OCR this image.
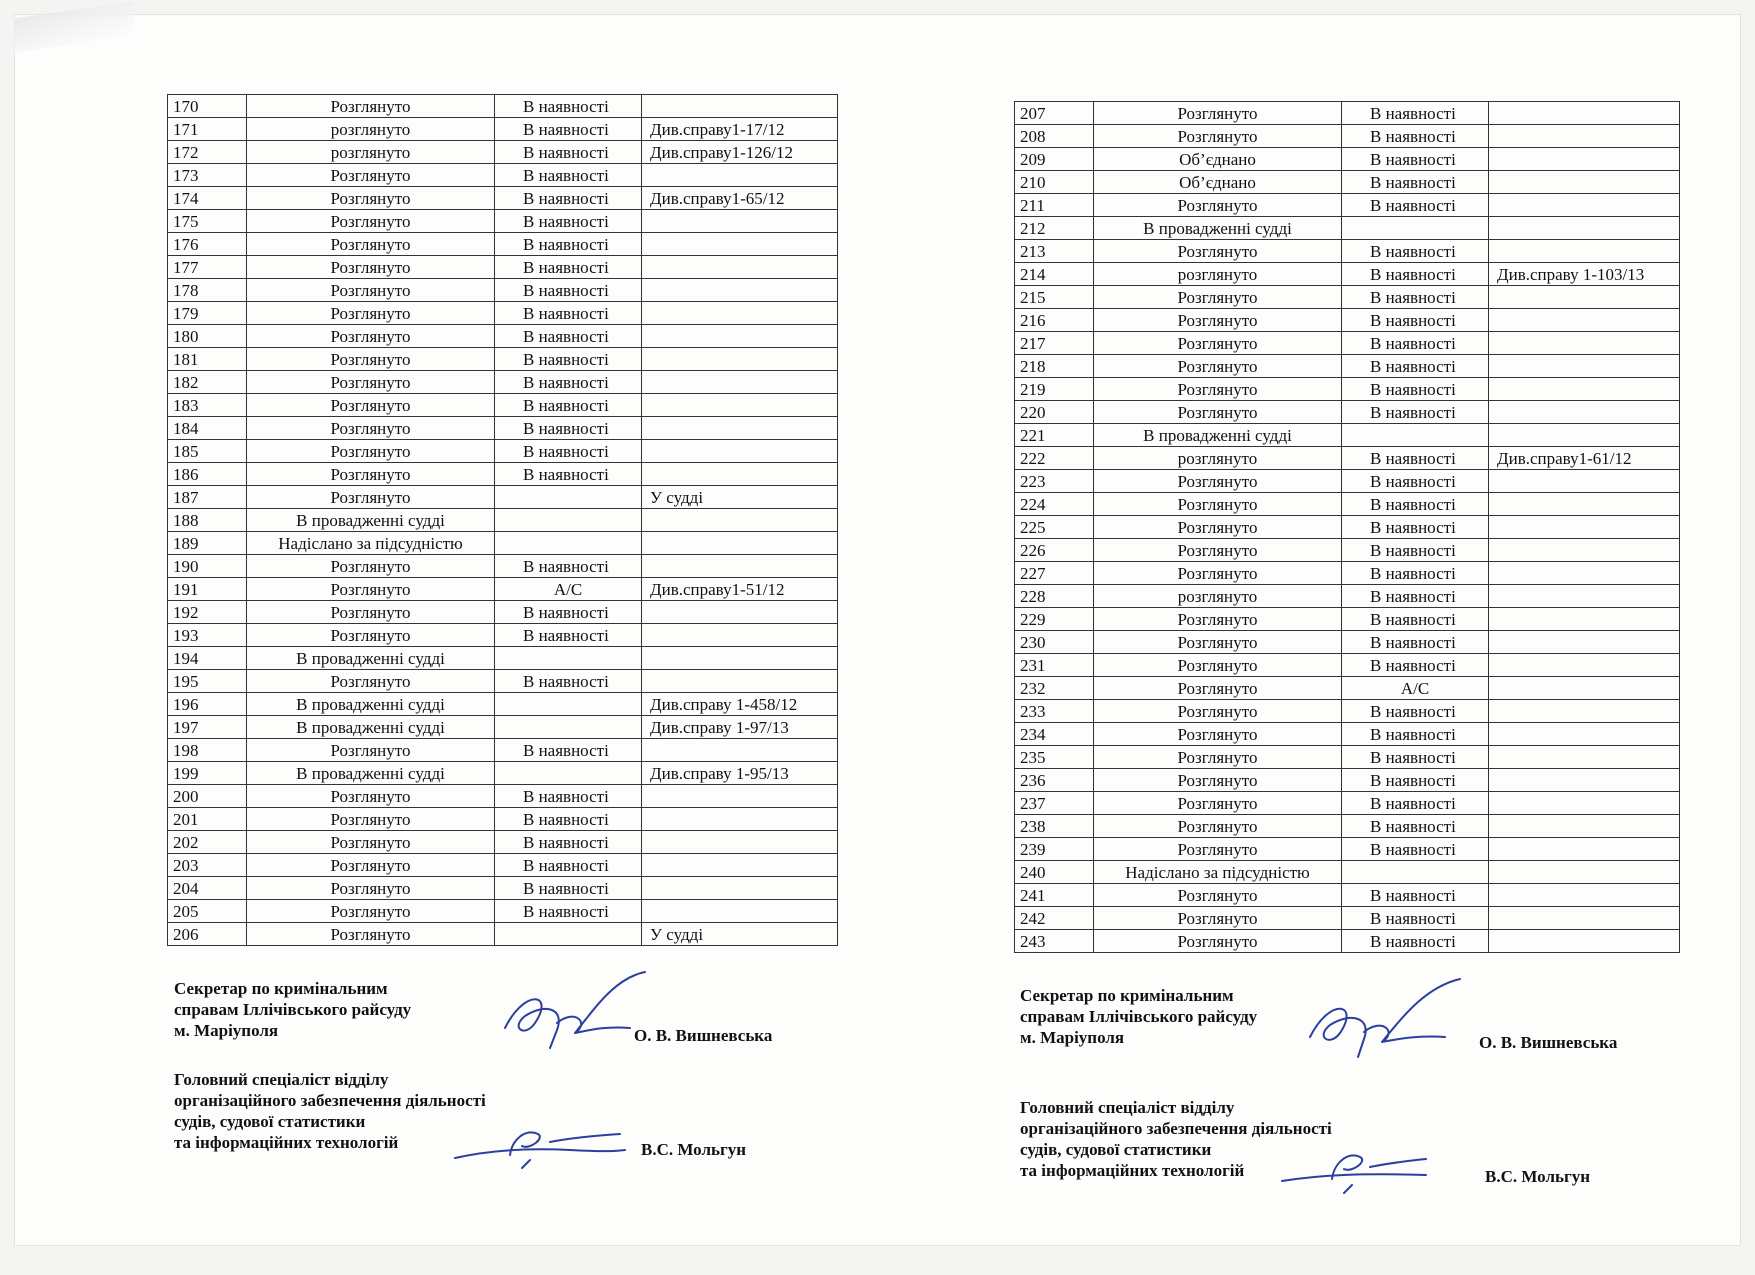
170	Розглянуто	В наявності	
171	розглянуто	В наявності	Див.справу1-17/12
172	розглянуто	В наявності	Див.справу1-126/12
173	Розглянуто	В наявності	
174	Розглянуто	В наявності	Див.справу1-65/12
175	Розглянуто	В наявності	
176	Розглянуто	В наявності	
177	Розглянуто	В наявності	
178	Розглянуто	В наявності	
179	Розглянуто	В наявності	
180	Розглянуто	В наявності	
181	Розглянуто	В наявності	
182	Розглянуто	В наявності	
183	Розглянуто	В наявності	
184	Розглянуто	В наявності	
185	Розглянуто	В наявності	
186	Розглянуто	В наявності	
187	Розглянуто		У судді
188	В провадженні судді		
189	Надіслано за підсудністю		
190	Розглянуто	В наявності	
191	Розглянуто	А/С	Див.справу1-51/12
192	Розглянуто	В наявності	
193	Розглянуто	В наявності	
194	В провадженні судді		
195	Розглянуто	В наявності	
196	В провадженні судді		Див.справу 1-458/12
197	В провадженні судді		Див.справу 1-97/13
198	Розглянуто	В наявності	
199	В провадженні судді		Див.справу 1-95/13
200	Розглянуто	В наявності	
201	Розглянуто	В наявності	
202	Розглянуто	В наявності	
203	Розглянуто	В наявності	
204	Розглянуто	В наявності	
205	Розглянуто	В наявності	
206	Розглянуто		У судді
207	Розглянуто	В наявності	
208	Розглянуто	В наявності	
209	Об’єднано	В наявності	
210	Об’єднано	В наявності	
211	Розглянуто	В наявності	
212	В провадженні судді		
213	Розглянуто	В наявності	
214	розглянуто	В наявності	Див.справу 1-103/13
215	Розглянуто	В наявності	
216	Розглянуто	В наявності	
217	Розглянуто	В наявності	
218	Розглянуто	В наявності	
219	Розглянуто	В наявності	
220	Розглянуто	В наявності	
221	В провадженні судді		
222	розглянуто	В наявності	Див.справу1-61/12
223	Розглянуто	В наявності	
224	Розглянуто	В наявності	
225	Розглянуто	В наявності	
226	Розглянуто	В наявності	
227	Розглянуто	В наявності	
228	розглянуто	В наявності	
229	Розглянуто	В наявності	
230	Розглянуто	В наявності	
231	Розглянуто	В наявності	
232	Розглянуто	А/С	
233	Розглянуто	В наявності	
234	Розглянуто	В наявності	
235	Розглянуто	В наявності	
236	Розглянуто	В наявності	
237	Розглянуто	В наявності	
238	Розглянуто	В наявності	
239	Розглянуто	В наявності	
240	Надіслано за підсудністю		
241	Розглянуто	В наявності	
242	Розглянуто	В наявності	
243	Розглянуто	В наявності	
Секретар по кримінальним
справам Іллічівського райсуду
м. Маріуполя	О. В. Вишневська
Головний спеціаліст відділу
організаційного забезпечення діяльності
судів, судової статистики
та інформаційних технологій	В.С. Мольгун
Секретар по кримінальним
справам Іллічівського райсуду
м. Маріуполя	О. В. Вишневська
Головний спеціаліст відділу
організаційного забезпечення діяльності
судів, судової статистики
та інформаційних технологій	В.С. Мольгун
